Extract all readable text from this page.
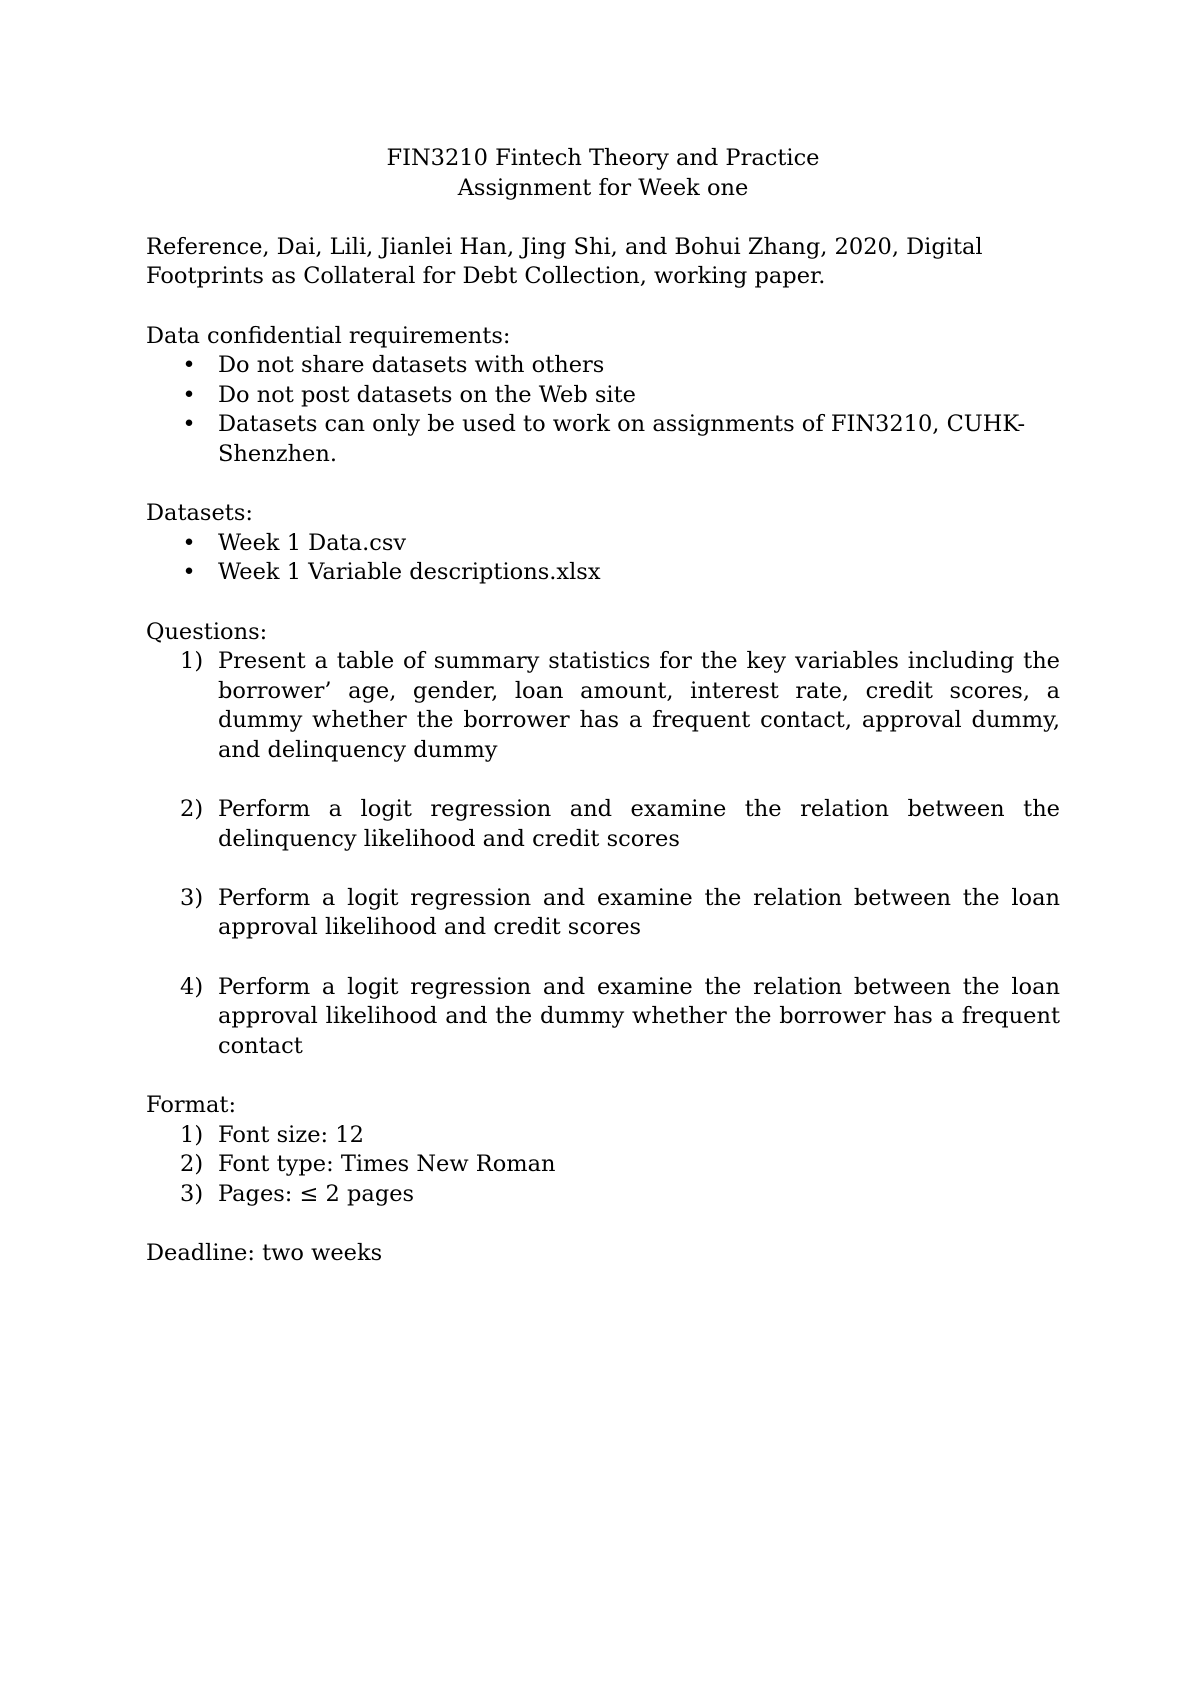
FIN3210 Fintech Theory and Practice
Assignment for Week one

Reference, Dai, Lili, Jianlei Han, Jing Shi, and Bohui Zhang, 2020, Digital Footprints as Collateral for Debt Collection, working paper.

Data confidential requirements:
• Do not share datasets with others
• Do not post datasets on the Web site
• Datasets can only be used to work on assignments of FIN3210, CUHK-Shenzhen.
Datasets:
• Week 1 Data.csv
• Week 1 Variable descriptions.xlsx
Questions:
1) Present a table of summary statistics for the key variables including the borrower’ age, gender, loan amount, interest rate, credit scores, a dummy whether the borrower has a frequent contact, approval dummy, and delinquency dummy
2) Perform a logit regression and examine the relation between the delinquency likelihood and credit scores
3) Perform a logit regression and examine the relation between the loan approval likelihood and credit scores
4) Perform a logit regression and examine the relation between the loan approval likelihood and the dummy whether the borrower has a frequent contact
Format:
1) Font size: 12
2) Font type: Times New Roman
3) Pages: ≤ 2 pages

Deadline: two weeks
